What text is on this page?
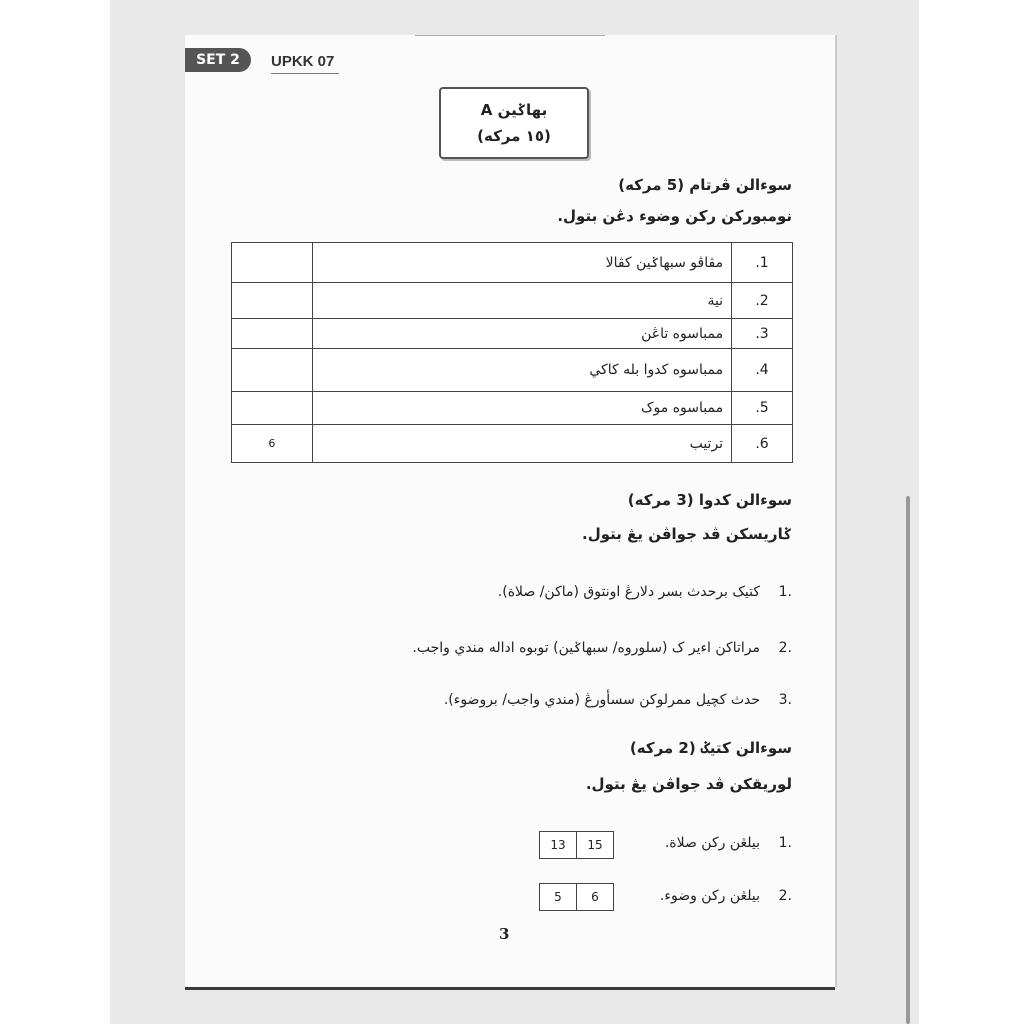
SET 2	UPKK 07
بهاݢين A
(١٥ مرکه)
سوءالن ڤرتام (5 مرکه)
نومبورکن رکن وضوء دڠن بتول.
	مڤاڤو سبهاݢين کڤالا	.1
	نية	.2
	ممباسوه تاڠن	.3
	ممباسوه کدوا بله کاکي	.4
	ممباسوه موک	.5
6	ترتيب	.6
سوءالن کدوا (3 مرکه)
ݢاريسکن ڤد جواڤن يڠ بتول.
.1
کتيک برحدث بسر دلارڠ اونتوق (ماکن/ صلاة).
.2
مراتاکن اءير ک (سلوروه/ سبهاݢين) توبوه اداله مندي واجب.
.3
حدث کچيل ممرلوکن سسأورڠ (مندي واجب/ بروضوء).
سوءالن کتيݢ (2 مرکه)
لوريقکن ڤد جواڤن يڠ بتول.
.1
بيلڠن رکن صلاة.
13	15
.2
بيلڠن رکن وضوء.
5	6
3
